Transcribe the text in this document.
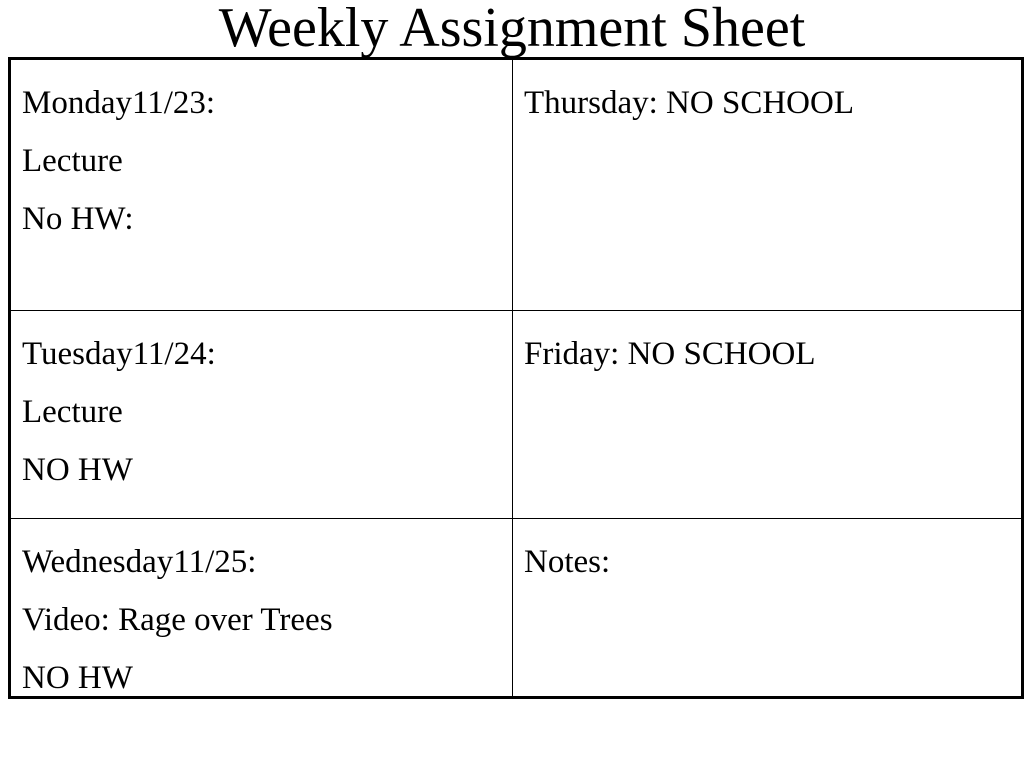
Weekly Assignment Sheet
Monday11/23:
Lecture
No HW:
Thursday: NO SCHOOL
Tuesday11/24:
Lecture
NO HW
Friday: NO SCHOOL
Wednesday11/25:
Video: Rage over Trees
NO HW
Notes:
